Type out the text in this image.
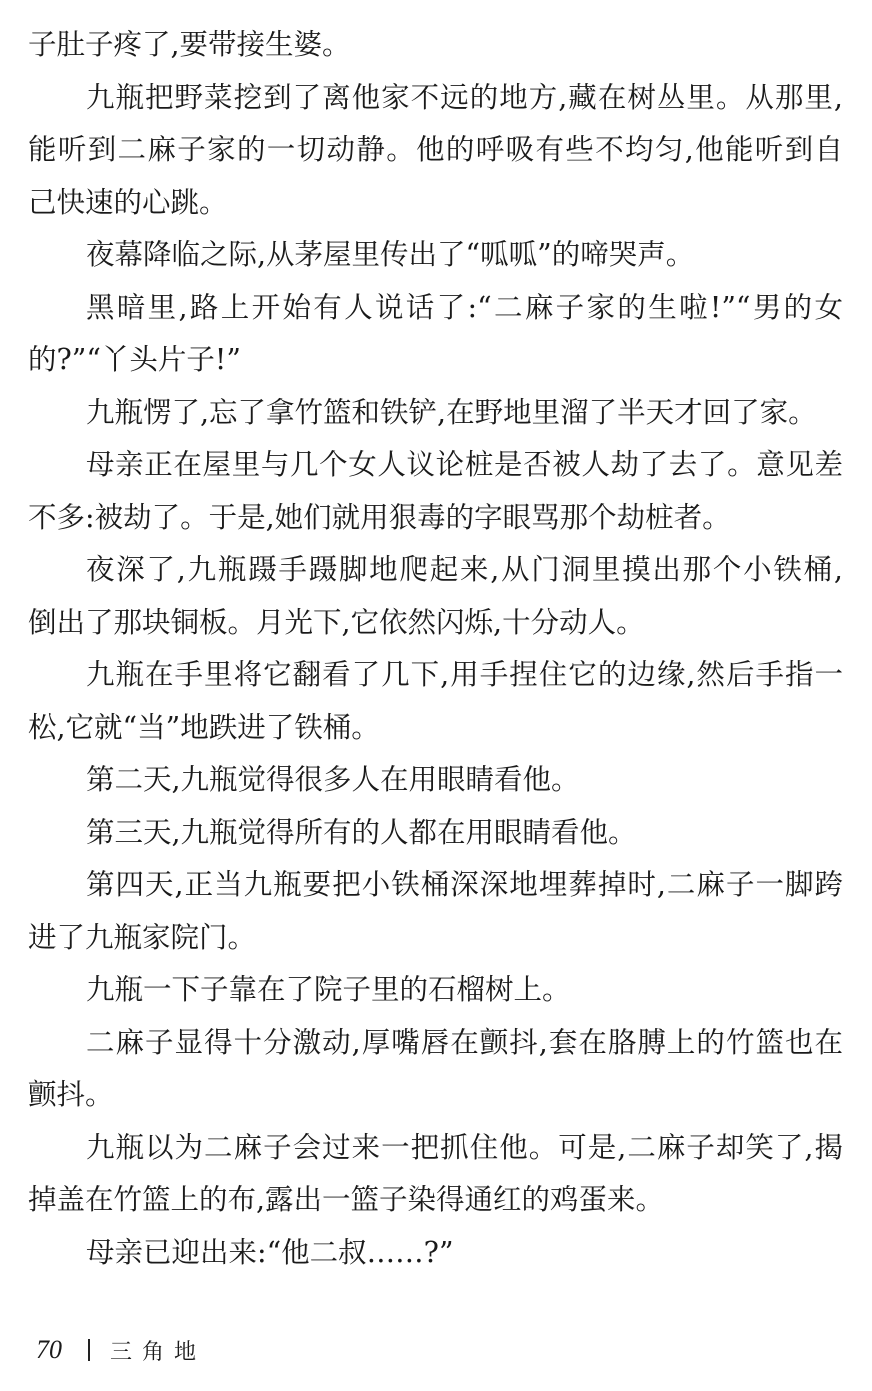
子肚子疼了,要带接生婆。
九瓶把野菜挖到了离他家不远的地方,藏在树丛里。从那里,
能听到二麻子家的一切动静。他的呼吸有些不均匀,他能听到自
己快速的心跳。
夜幕降临之际,从茅屋里传出了“呱呱”的啼哭声。
黑暗里,路上开始有人说话了:“二麻子家的生啦!”“男的女
的?”“丫头片子!”
九瓶愣了,忘了拿竹篮和铁铲,在野地里溜了半天才回了家。
母亲正在屋里与几个女人议论桩是否被人劫了去了。意见差
不多:被劫了。于是,她们就用狠毒的字眼骂那个劫桩者。
夜深了,九瓶蹑手蹑脚地爬起来,从门洞里摸出那个小铁桶,
倒出了那块铜板。月光下,它依然闪烁,十分动人。
九瓶在手里将它翻看了几下,用手捏住它的边缘,然后手指一
松,它就“当”地跌进了铁桶。
第二天,九瓶觉得很多人在用眼睛看他。
第三天,九瓶觉得所有的人都在用眼睛看他。
第四天,正当九瓶要把小铁桶深深地埋葬掉时,二麻子一脚跨
进了九瓶家院门。
九瓶一下子靠在了院子里的石榴树上。
二麻子显得十分激动,厚嘴唇在颤抖,套在胳膊上的竹篮也在
颤抖。
九瓶以为二麻子会过来一把抓住他。可是,二麻子却笑了,揭
掉盖在竹篮上的布,露出一篮子染得通红的鸡蛋来。
母亲已迎出来:“他二叔……?”
70 三角地
